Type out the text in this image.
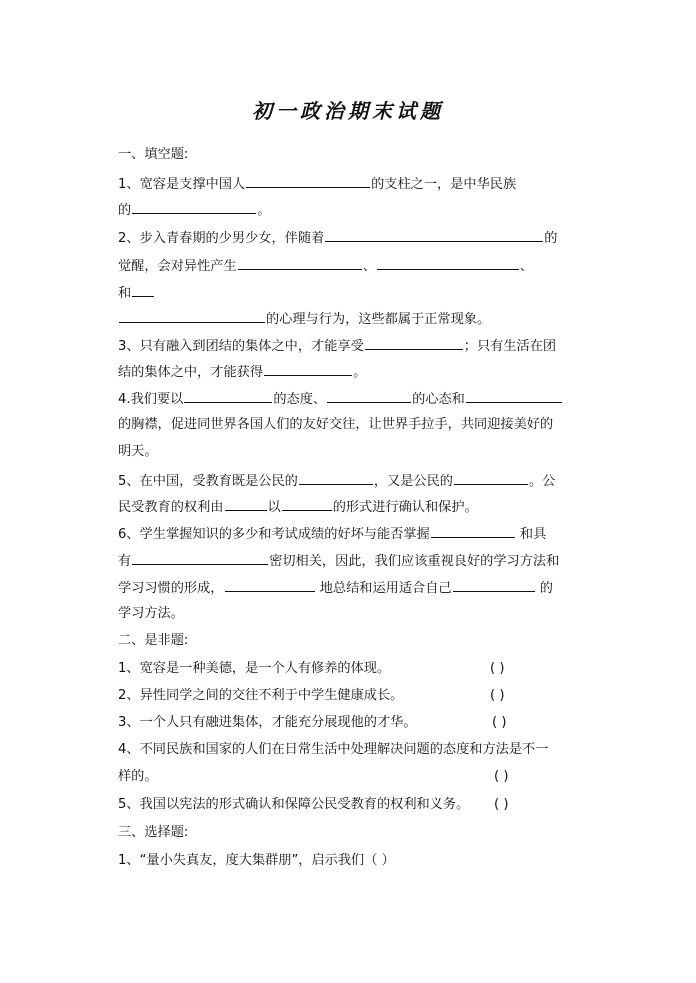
初一政治期末试题
一、填空题:
1、宽容是支撑中国人	的支柱之一，是中华民族
的	。
2、步入青春期的少男少女，伴随着	的
觉醒，会对异性产生	、	、
和
的心理与行为，这些都属于正常现象。
3、只有融入到团结的集体之中，才能享受	；只有生活在团
结的集体之中，才能获得	。
4.我们要以	的态度、	的心态和
的胸襟，促进同世界各国人们的友好交往，让世界手拉手，共同迎接美好的
明天。
5、在中国，受教育既是公民的	，又是公民的	。公
民受教育的权利由	以	的形式进行确认和保护。
6、学生掌握知识的多少和考试成绩的好坏与能否掌握	和具
有	密切相关，因此，我们应该重视良好的学习方法和
学习习惯的形成，	地总结和运用适合自己	的
学习方法。
二、是非题:
1、宽容是一种美德，是一个人有修养的体现。	( )
2、异性同学之间的交往不利于中学生健康成长。	( )
3、一个人只有融进集体，才能充分展现他的才华。	( )
4、不同民族和国家的人们在日常生活中处理解决问题的态度和方法是不一
样的。	( )
5、我国以宪法的形式确认和保障公民受教育的权利和义务。 ( )
三、选择题:
1、“量小失真友，度大集群朋”，启示我们（ ）
